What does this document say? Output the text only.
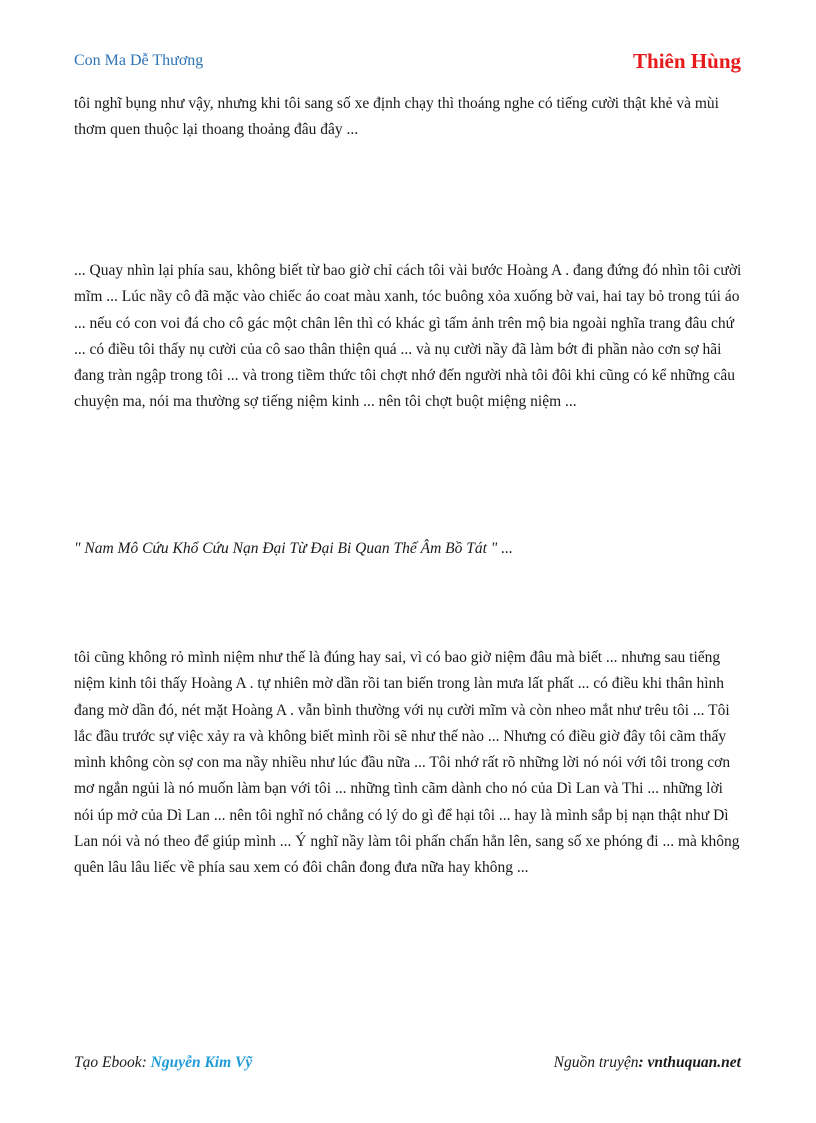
Con Ma Dễ Thương	Thiên Hùng

tôi nghĩ bụng như vậy, nhưng khi tôi sang số xe định chạy thì thoáng nghe có tiếng cười thật khẻ và mùi thơm quen thuộc lại thoang thoảng đâu đây ...

... Quay nhìn lại phía sau, không biết từ bao giờ chỉ cách tôi vài bước Hoàng A . đang đứng đó nhìn tôi cười mĩm ... Lúc nầy cô đã mặc vào chiếc áo coat màu xanh, tóc buông xỏa xuống bờ vai, hai tay bỏ trong túi áo ... nếu có con voi đá cho cô gác một chân lên thì có khác gì tấm ảnh trên mộ bia ngoài nghĩa trang đâu chứ ... có điều tôi thấy nụ cười của cô sao thân thiện quá ... và nụ cười nầy đã làm bớt đi phần nào cơn sợ hãi đang tràn ngập trong tôi ... và trong tiềm thức tôi chợt nhớ đến người nhà tôi đôi khi cũng có kể những câu chuyện ma, nói ma thường sợ tiếng niệm kinh ... nên tôi chợt buột miệng niệm ...

" Nam Mô Cứu Khổ Cứu Nạn Đại Từ Đại Bi Quan Thế Âm Bồ Tát " ...

tôi cũng không rỏ mình niệm như thế là đúng hay sai, vì có bao giờ niệm đâu mà biết ... nhưng sau tiếng niệm kinh tôi thấy Hoàng A . tự nhiên mờ dần rồi tan biến trong làn mưa lất phất ... có điều khi thân hình đang mờ dần đó, nét mặt Hoàng A . vẫn bình thường với nụ cười mĩm và còn nheo mắt như trêu tôi ... Tôi lắc đầu trước sự việc xảy ra và không biết mình rồi sẽ như thế nào ... Nhưng có điều giờ đây tôi cãm thấy mình không còn sợ con ma nầy nhiều như lúc đầu nữa ... Tôi nhớ rất rõ những lời nó nói với tôi trong cơn mơ ngắn ngủi là nó muốn làm bạn với tôi ... những tình cãm dành cho nó của Dì Lan và Thi ... những lời nói úp mở của Dì Lan ... nên tôi nghĩ nó chẳng có lý do gì để hại tôi ... hay là mình sắp bị nạn thật như Dì Lan nói và nó theo để giúp mình ... Ý nghĩ nầy làm tôi phấn chấn hẳn lên, sang số xe phóng đi ... mà không quên lâu lâu liếc về phía sau xem có đôi chân đong đưa nữa hay không ...

Tạo Ebook: Nguyễn Kim Vỹ	Nguồn truyện: vnthuquan.net
